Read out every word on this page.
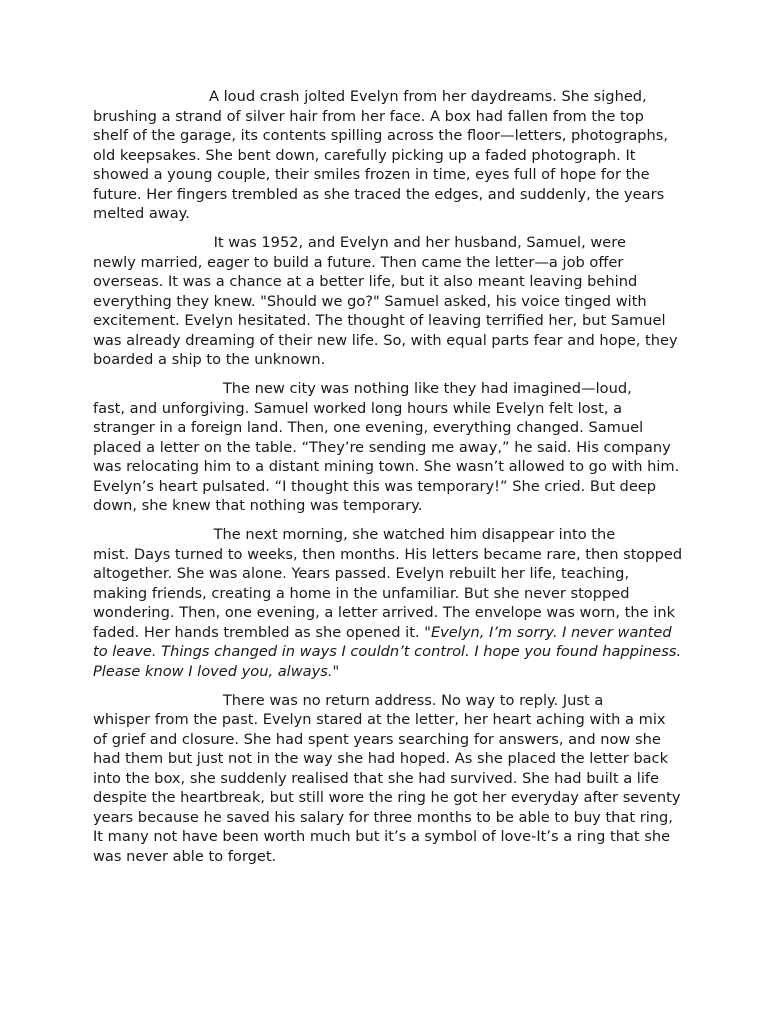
A loud crash jolted Evelyn from her daydreams. She sighed,
brushing a strand of silver hair from her face. A box had fallen from the top shelf of the garage, its contents spilling across the floor—letters, photographs, old keepsakes. She bent down, carefully picking up a faded photograph. It showed a young couple, their smiles frozen in time, eyes full of hope for the future. Her fingers trembled as she traced the edges, and suddenly, the years melted away.

It was 1952, and Evelyn and her husband, Samuel, were
newly married, eager to build a future. Then came the letter—a job offer overseas. It was a chance at a better life, but it also meant leaving behind everything they knew. "Should we go?" Samuel asked, his voice tinged with excitement. Evelyn hesitated. The thought of leaving terrified her, but Samuel was already dreaming of their new life. So, with equal parts fear and hope, they boarded a ship to the unknown.

The new city was nothing like they had imagined—loud,
fast, and unforgiving. Samuel worked long hours while Evelyn felt lost, a stranger in a foreign land. Then, one evening, everything changed. Samuel placed a letter on the table. “They’re sending me away,” he said. His company was relocating him to a distant mining town. She wasn’t allowed to go with him. Evelyn’s heart pulsated. “I thought this was temporary!” She cried. But deep down, she knew that nothing was temporary.

The next morning, she watched him disappear into the
mist. Days turned to weeks, then months. His letters became rare, then stopped altogether. She was alone. Years passed. Evelyn rebuilt her life, teaching, making friends, creating a home in the unfamiliar. But she never stopped wondering. Then, one evening, a letter arrived. The envelope was worn, the ink faded. Her hands trembled as she opened it. "Evelyn, I’m sorry. I never wanted to leave. Things changed in ways I couldn’t control. I hope you found happiness. Please know I loved you, always."

There was no return address. No way to reply. Just a
whisper from the past. Evelyn stared at the letter, her heart aching with a mix of grief and closure. She had spent years searching for answers, and now she had them but just not in the way she had hoped. As she placed the letter back into the box, she suddenly realised that she had survived. She had built a life despite the heartbreak, but still wore the ring he got her everyday after seventy years because he saved his salary for three months to be able to buy that ring, It many not have been worth much but it’s a symbol of love-It’s a ring that she was never able to forget.
